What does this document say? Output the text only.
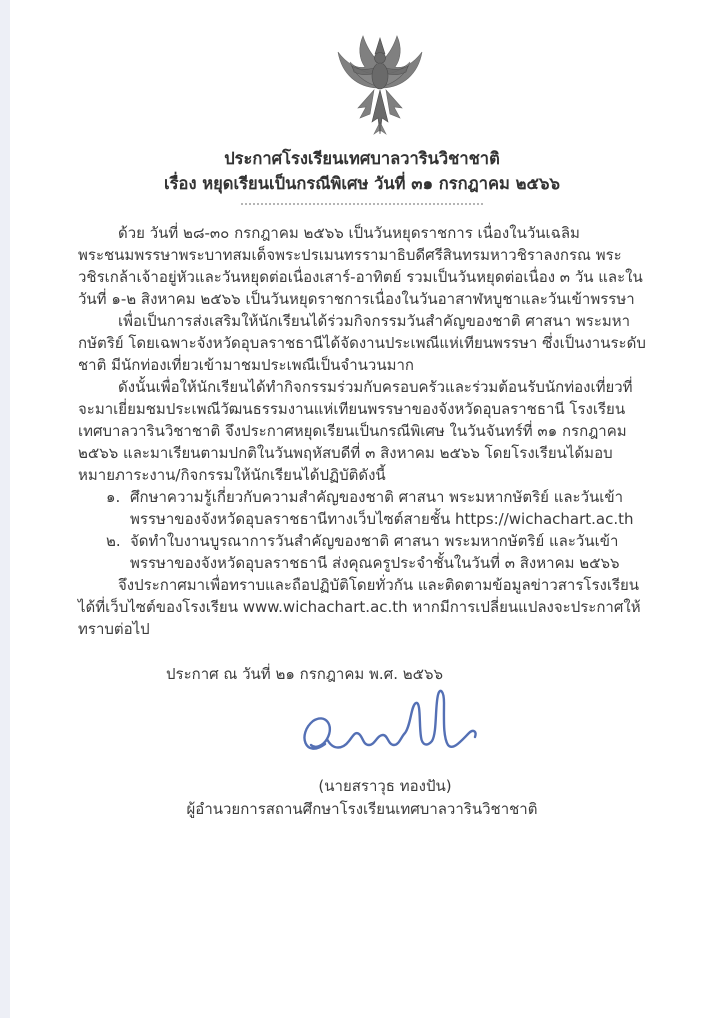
ประกาศโรงเรียนเทศบาลวารินวิชาชาติ

เรื่อง หยุดเรียนเป็นกรณีพิเศษ วันที่ ๓๑ กรกฎาคม ๒๕๖๖

ด้วย วันที่ ๒๘-๓๐ กรกฎาคม ๒๕๖๖ เป็นวันหยุดราชการ เนื่องในวันเฉลิมพระชนมพรรษาพระบาทสมเด็จพระปรเมนทรรามาธิบดีศรีสินทรมหาวชิราลงกรณ พระวชิรเกล้าเจ้าอยู่หัวและวันหยุดต่อเนื่องเสาร์-อาทิตย์ รวมเป็นวันหยุดต่อเนื่อง ๓ วัน และในวันที่ ๑-๒ สิงหาคม ๒๕๖๖ เป็นวันหยุดราชการเนื่องในวันอาสาฬหบูชาและวันเข้าพรรษา

เพื่อเป็นการส่งเสริมให้นักเรียนได้ร่วมกิจกรรมวันสำคัญของชาติ ศาสนา พระมหากษัตริย์ โดยเฉพาะจังหวัดอุบลราชธานีได้จัดงานประเพณีแห่เทียนพรรษา ซึ่งเป็นงานระดับชาติ มีนักท่องเที่ยวเข้ามาชมประเพณีเป็นจำนวนมาก

ดังนั้นเพื่อให้นักเรียนได้ทำกิจกรรมร่วมกับครอบครัวและร่วมต้อนรับนักท่องเที่ยวที่จะมาเยี่ยมชมประเพณีวัฒนธรรมงานแห่เทียนพรรษาของจังหวัดอุบลราชธานี โรงเรียนเทศบาลวารินวิชาชาติ จึงประกาศหยุดเรียนเป็นกรณีพิเศษ ในวันจันทร์ที่ ๓๑ กรกฎาคม ๒๕๖๖ และมาเรียนตามปกติในวันพฤหัสบดีที่ ๓ สิงหาคม ๒๕๖๖ โดยโรงเรียนได้มอบหมายภาระงาน/กิจกรรมให้นักเรียนได้ปฏิบัติดังนี้

๑. ศึกษาความรู้เกี่ยวกับความสำคัญของชาติ ศาสนา พระมหากษัตริย์ และวันเข้าพรรษาของจังหวัดอุบลราชธานีทางเว็บไซต์สายชั้น https://wichachart.ac.th
๒. จัดทำใบงานบูรณาการวันสำคัญของชาติ ศาสนา พระมหากษัตริย์ และวันเข้าพรรษาของจังหวัดอุบลราชธานี ส่งคุณครูประจำชั้นในวันที่ ๓ สิงหาคม ๒๕๖๖

จึงประกาศมาเพื่อทราบและถือปฏิบัติโดยทั่วกัน และติดตามข้อมูลข่าวสารโรงเรียนได้ที่เว็บไซต์ของโรงเรียน www.wichachart.ac.th หากมีการเปลี่ยนแปลงจะประกาศให้ทราบต่อไป

ประกาศ ณ วันที่ ๒๑ กรกฎาคม พ.ศ. ๒๕๖๖

(นายสราวุธ ทองปัน)

ผู้อำนวยการสถานศึกษาโรงเรียนเทศบาลวารินวิชาชาติ
